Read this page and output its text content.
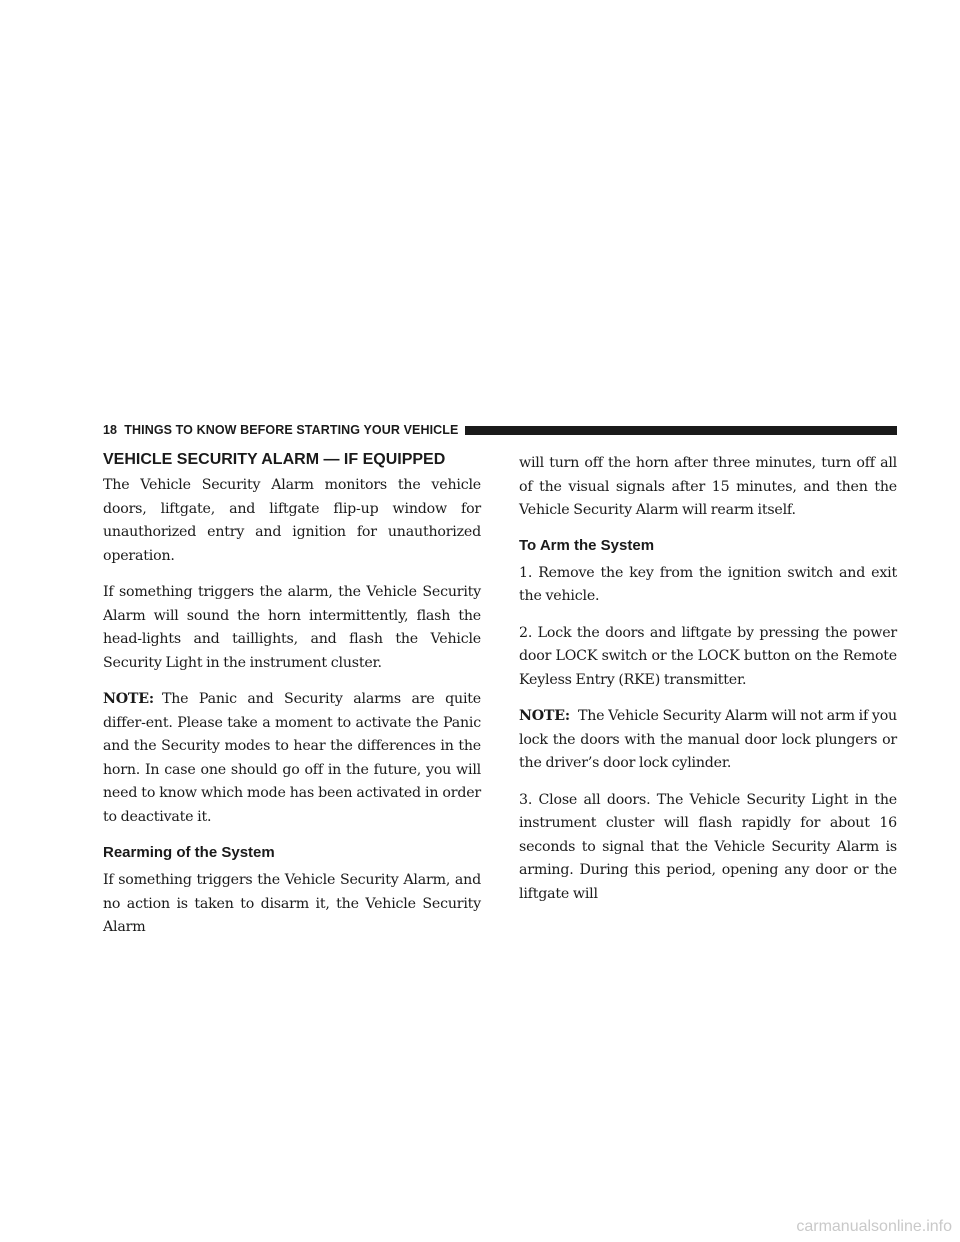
18 THINGS TO KNOW BEFORE STARTING YOUR VEHICLE
VEHICLE SECURITY ALARM — IF EQUIPPED

The Vehicle Security Alarm monitors the vehicle doors, liftgate, and liftgate flip-up window for unauthorized entry and ignition for unauthorized operation.

If something triggers the alarm, the Vehicle Security Alarm will sound the horn intermittently, flash the head-lights and taillights, and flash the Vehicle Security Light in the instrument cluster.

NOTE: The Panic and Security alarms are quite differ-ent. Please take a moment to activate the Panic and the Security modes to hear the differences in the horn. In case one should go off in the future, you will need to know which mode has been activated in order to deactivate it.

Rearming of the System

If something triggers the Vehicle Security Alarm, and no action is taken to disarm it, the Vehicle Security Alarm

will turn off the horn after three minutes, turn off all of the visual signals after 15 minutes, and then the Vehicle Security Alarm will rearm itself.

To Arm the System

1. Remove the key from the ignition switch and exit the vehicle.

2. Lock the doors and liftgate by pressing the power door LOCK switch or the LOCK button on the Remote Keyless Entry (RKE) transmitter.

NOTE: The Vehicle Security Alarm will not arm if you lock the doors with the manual door lock plungers or the driver’s door lock cylinder.

3. Close all doors. The Vehicle Security Light in the instrument cluster will flash rapidly for about 16 seconds to signal that the Vehicle Security Alarm is arming. During this period, opening any door or the liftgate will

carmanualsonline.info
